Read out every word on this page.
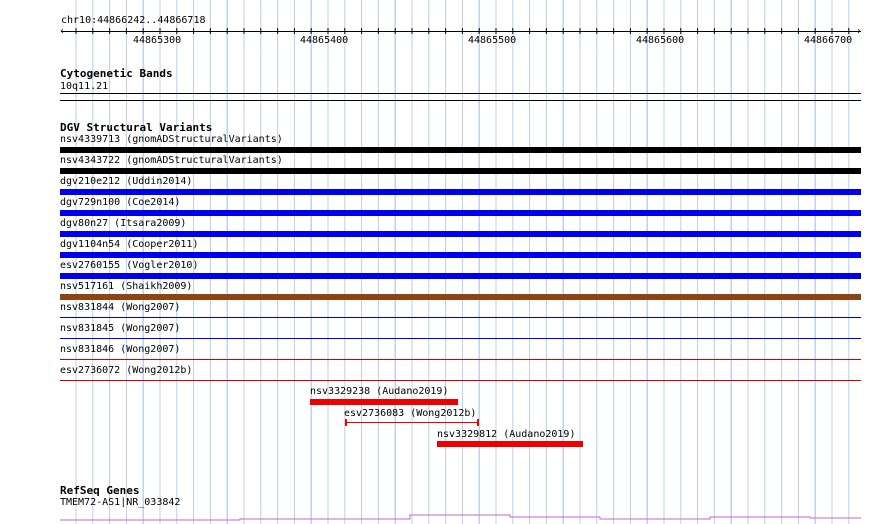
chr10:44866242..44866718
‹	›
44865300	44865400	44865500	44865600	44866700
Cytogenetic Bands
10q11.21
DGV Structural Variants
nsv4339713 (gnomADStructuralVariants)
nsv4343722 (gnomADStructuralVariants)
dgv210e212 (Uddin2014)
dgv729n100 (Coe2014)
dgv80n27 (Itsara2009)
dgv1104n54 (Cooper2011)
esv2760155 (Vogler2010)
nsv517161 (Shaikh2009)
nsv831844 (Wong2007)
nsv831845 (Wong2007)
nsv831846 (Wong2007)
esv2736072 (Wong2012b)
nsv3329238 (Audano2019)
esv2736083 (Wong2012b)
nsv3329812 (Audano2019)
RefSeq Genes
TMEM72-AS1|NR_033842
